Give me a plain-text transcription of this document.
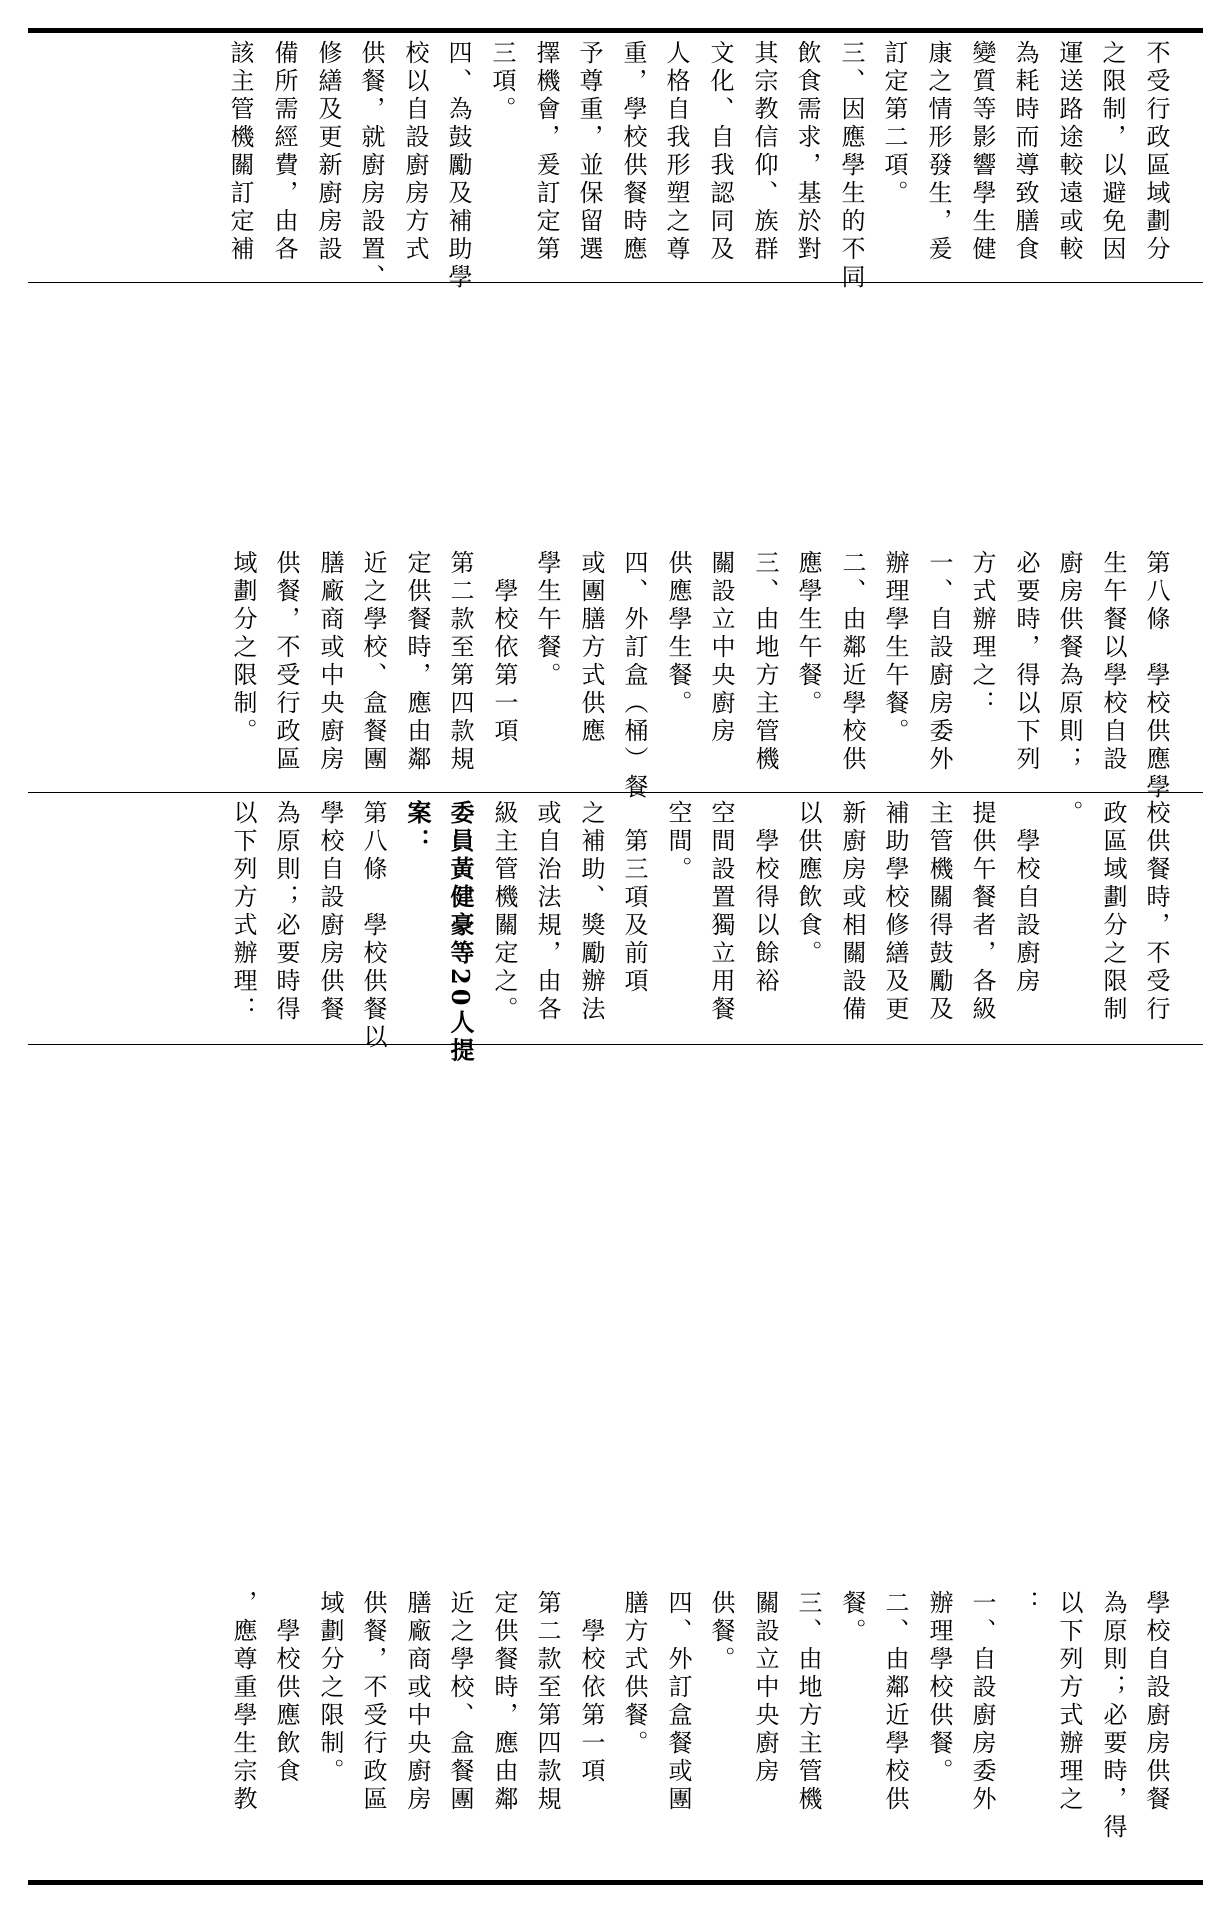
不受行政區域劃分
之限制，以避免因
運送路途較遠或較
為耗時而導致膳食
變質等影響學生健
康之情形發生，爰
訂定第二項。
三、因應學生的不同
飲食需求，基於對
其宗教信仰、族群
文化、自我認同及
人格自我形塑之尊
重，學校供餐時應
予尊重，並保留選
擇機會，爰訂定第
三項。
四、為鼓勵及補助學
校以自設廚房方式
供餐，就廚房設置、
修繕及更新廚房設
備所需經費，由各
該主管機關訂定補
第八條　學校供應學
生午餐以學校自設
廚房供餐為原則；
必要時，得以下列
方式辦理之：
一、自設廚房委外
辦理學生午餐。
二、由鄰近學校供
應學生午餐。
三、由地方主管機
關設立中央廚房
供應學生餐。
四、外訂盒（桶）餐
或團膳方式供應
學生午餐。
　學校依第一項
第二款至第四款規
定供餐時，應由鄰
近之學校、盒餐團
膳廠商或中央廚房
供餐，不受行政區
域劃分之限制。
校供餐時，不受行
政區域劃分之限制
。
　學校自設廚房
提供午餐者，各級
主管機關得鼓勵及
補助學校修繕及更
新廚房或相關設備
以供應飲食。
　學校得以餘裕
空間設置獨立用餐
空間。
　第三項及前項
之補助、獎勵辦法
或自治法規，由各
級主管機關定之。
委員黃健豪等20人提
案：
第八條　學校供餐以
學校自設廚房供餐
為原則；必要時得
以下列方式辦理：
學校自設廚房供餐
為原則；必要時，得
以下列方式辦理之
：
一、自設廚房委外
辦理學校供餐。
二、由鄰近學校供
餐。
三、由地方主管機
關設立中央廚房
供餐。
四、外訂盒餐或團
膳方式供餐。
　學校依第一項
第二款至第四款規
定供餐時，應由鄰
近之學校、盒餐團
膳廠商或中央廚房
供餐，不受行政區
域劃分之限制。
　學校供應飲食
，應尊重學生宗教
